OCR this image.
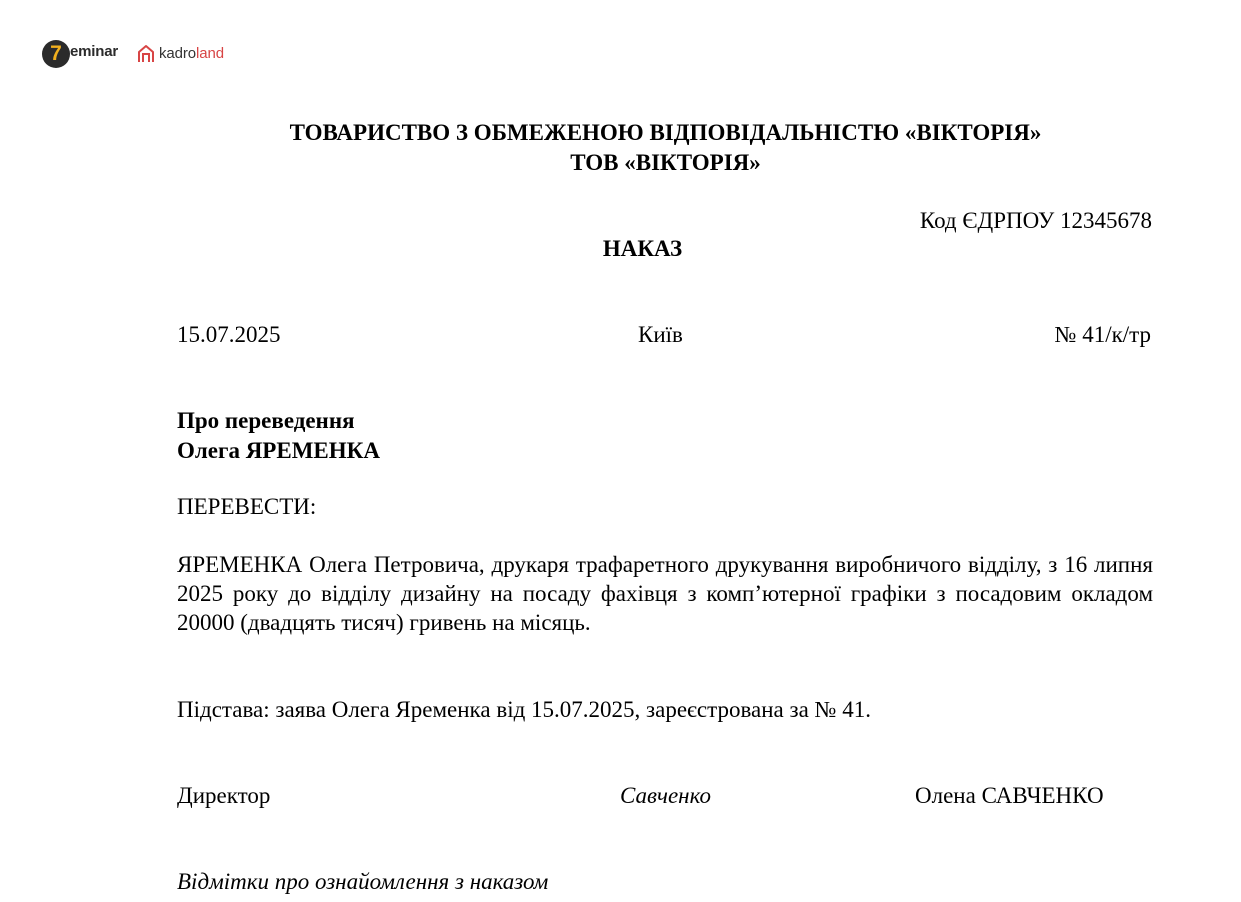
7 eminar	kadroland
ТОВАРИСТВО З ОБМЕЖЕНОЮ ВІДПОВІДАЛЬНІСТЮ «ВІКТОРІЯ»
ТОВ «ВІКТОРІЯ»
Код ЄДРПОУ 12345678
НАКАЗ
15.07.2025	Київ	№ 41/к/тр
Про переведення
Олега ЯРЕМЕНКА
ПЕРЕВЕСТИ:
ЯРЕМЕНКА Олега Петровича, друкаря трафаретного друкування виробничого відділу, з 16 липня 2025 року до відділу дизайну на посаду фахівця з комп’ютерної графіки з посадовим окладом 20000 (двадцять тисяч) гривень на місяць.
Підстава: заява Олега Яременка від 15.07.2025, зареєстрована за № 41.
Директор	Савченко	Олена САВЧЕНКО
Відмітки про ознайомлення з наказом
